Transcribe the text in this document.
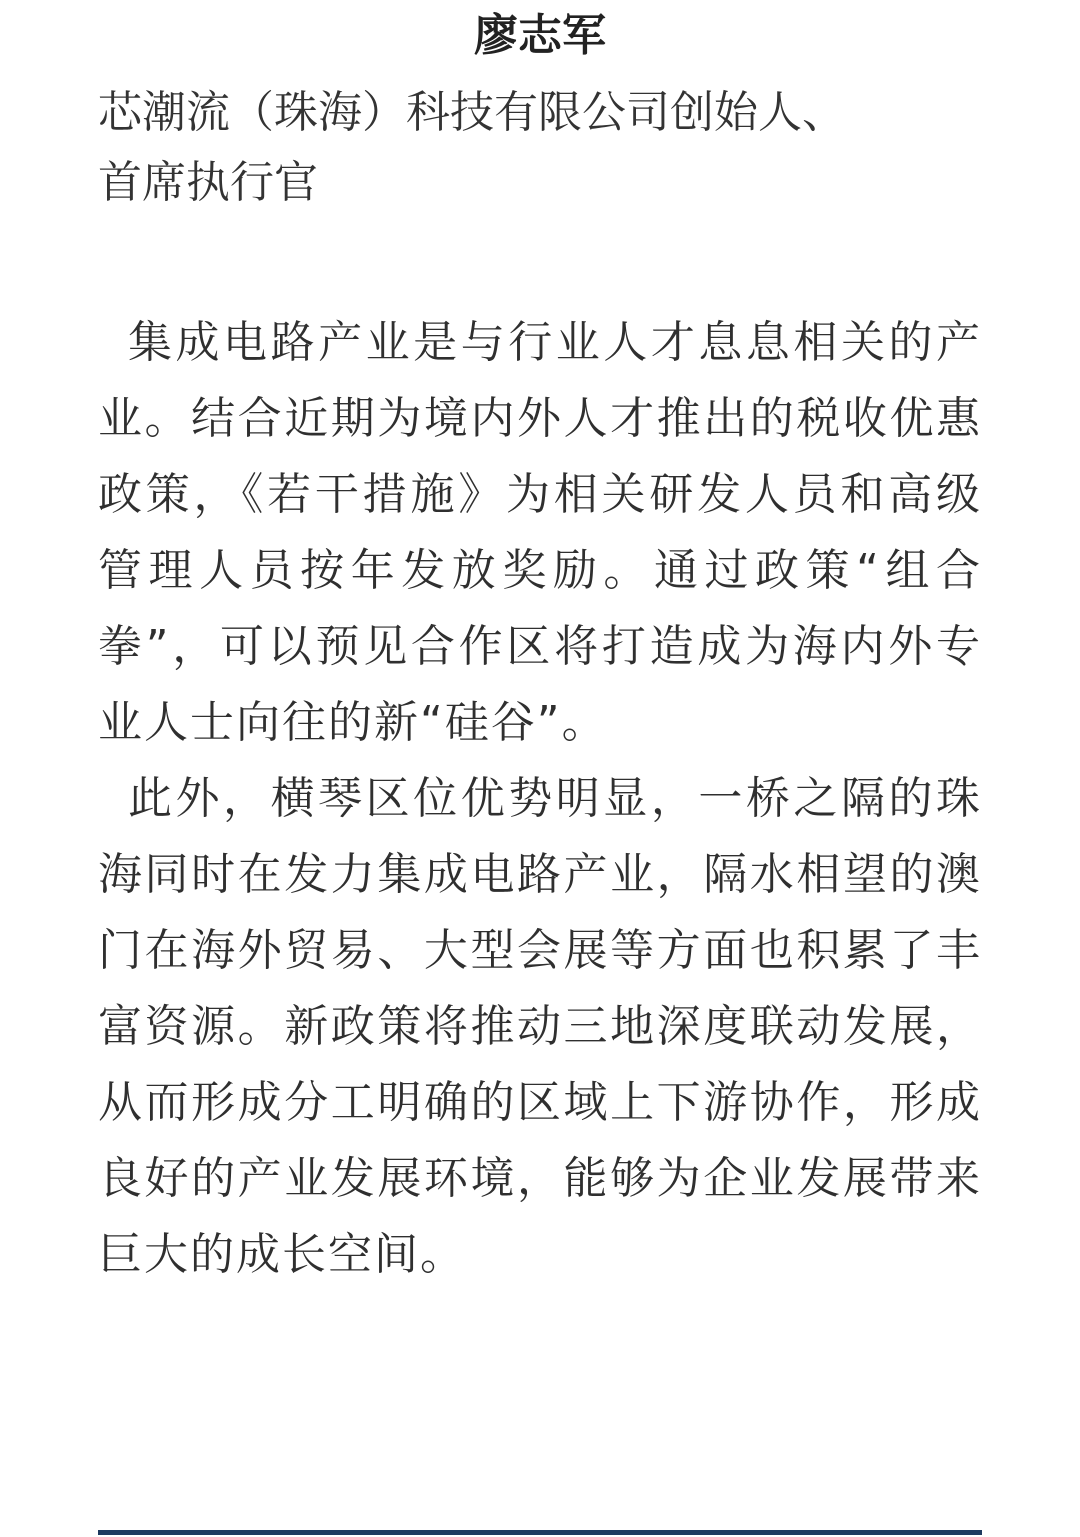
廖志军
芯潮流（珠海）科技有限公司创始人、
首席执行官

集成电路产业是与行业人才息息相关的产业。结合近期为境内外人才推出的税收优惠政策，《若干措施》为相关研发人员和高级管理人员按年发放奖励。通过政策“组合拳”，可以预见合作区将打造成为海内外专业人士向往的新“硅谷”。

此外，横琴区位优势明显，一桥之隔的珠海同时在发力集成电路产业，隔水相望的澳门在海外贸易、大型会展等方面也积累了丰富资源。新政策将推动三地深度联动发展，从而形成分工明确的区域上下游协作，形成良好的产业发展环境，能够为企业发展带来巨大的成长空间。
